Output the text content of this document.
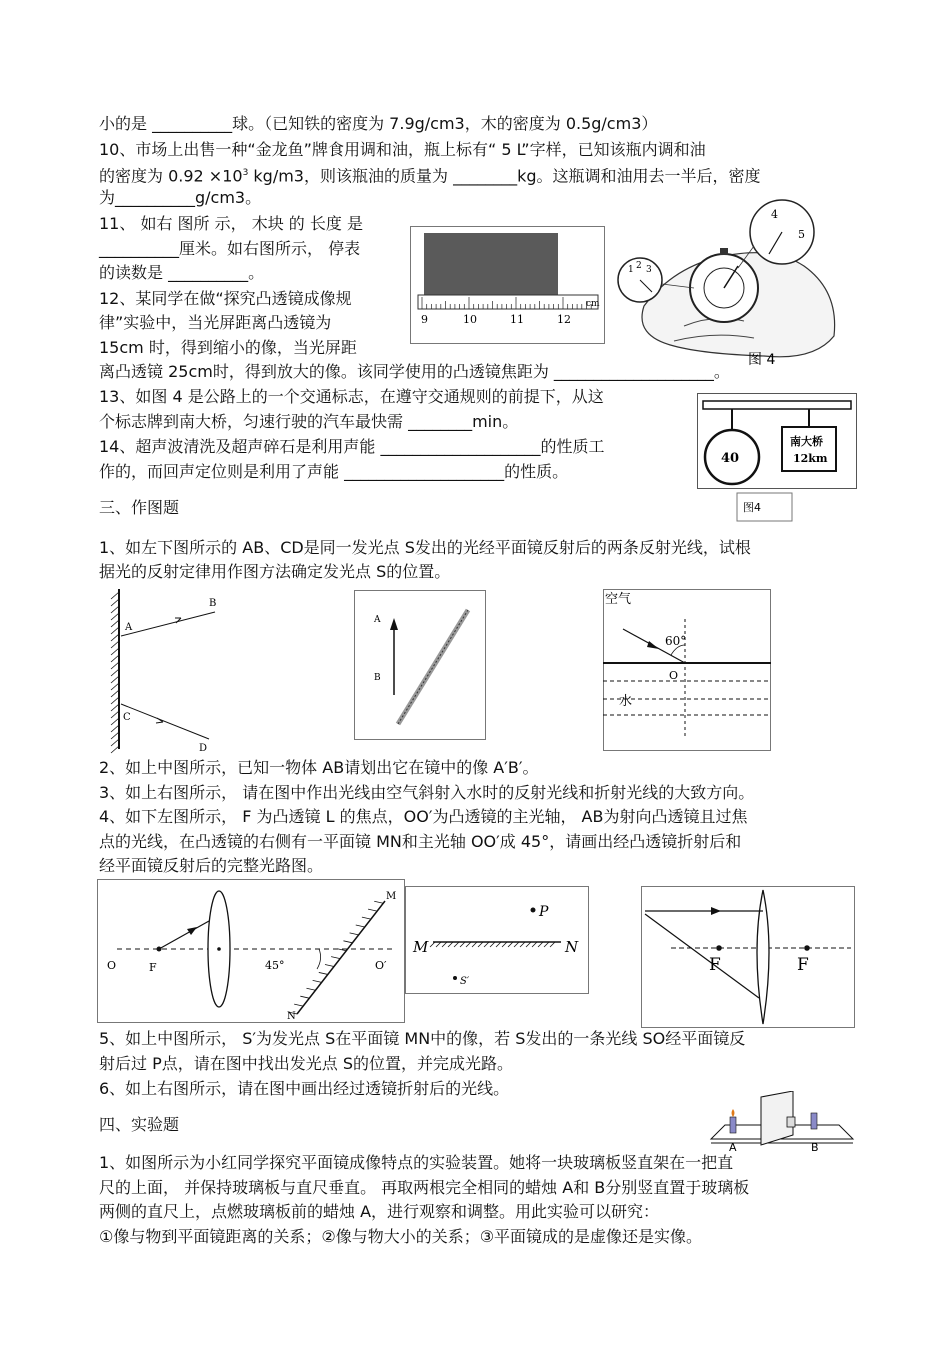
小的是 __________球。（已知铁的密度为 7.9g/cm3，木的密度为 0.5g/cm3）
10、市场上出售一种“金龙鱼”牌食用调和油，瓶上标有“ 5 L”字样，已知该瓶内调和油
的密度为 $0.92 \times 10^3$ kg/m3，则该瓶油的质量为 ________kg。这瓶调和油用去一半后，密度
为__________g/cm3。
11、 如右 图所 示， 木块 的 长度 是
__________厘米。如右图所示， 停表
的读数是 __________。
12、某同学在做“探究凸透镜成像规
律”实验中，当光屏距离凸透镜为
15cm 时，得到缩小的像，当光屏距
离凸透镜 25cm时，得到放大的像。该同学使用的凸透镜焦距为 ____________________。
13、如图 4 是公路上的一个交通标志，在遵守交通规则的前提下，从这
个标志牌到南大桥，匀速行驶的汽车最快需 ________min。
14、超声波清洗及超声碎石是利用声能 ____________________的性质工
作的，而回声定位则是利用了声能 ____________________的性质。
三、作图题
1、如左下图所示的 AB、CD是同一发光点 S发出的光经平面镜反射后的两条反射光线，试根
据光的反射定律用作图方法确定发光点 S的位置。
2、如上中图所示，已知一物体 AB请划出它在镜中的像 A′B′。
3、如上右图所示， 请在图中作出光线由空气斜射入水时的反射光线和折射光线的大致方向。
4、如下左图所示， F 为凸透镜 L 的焦点，OO′为凸透镜的主光轴， AB为射向凸透镜且过焦
点的光线，在凸透镜的右侧有一平面镜 MN和主光轴 OO′成 45°，请画出经凸透镜折射后和
经平面镜反射后的完整光路图。
5、如上中图所示， S′为发光点 S在平面镜 MN中的像，若 S发出的一条光线 SO经平面镜反
射后过 P点，请在图中找出发光点 S的位置，并完成光路。
6、如上右图所示，请在图中画出经过透镜折射后的光线。
四、实验题
1、如图所示为小红同学探究平面镜成像特点的实验装置。她将一块玻璃板竖直架在一把直
尺的上面， 并保持玻璃板与直尺垂直。 再取两根完全相同的蜡烛 A和 B分别竖直置于玻璃板
两侧的直尺上，点燃玻璃板前的蜡烛 A，进行观察和调整。用此实验可以研究：
①像与物到平面镜距离的关系；②像与物大小的关系；③平面镜成的是虚像还是实像。
9	10	11	12
cm
4
5
1 2 3
图 4
40
南大桥
12km
图4
A
B
C
D
A
B
空气
60°
O
水
O	F	45°	O′
M
N
M	N
P
S′
F	F
A	B
